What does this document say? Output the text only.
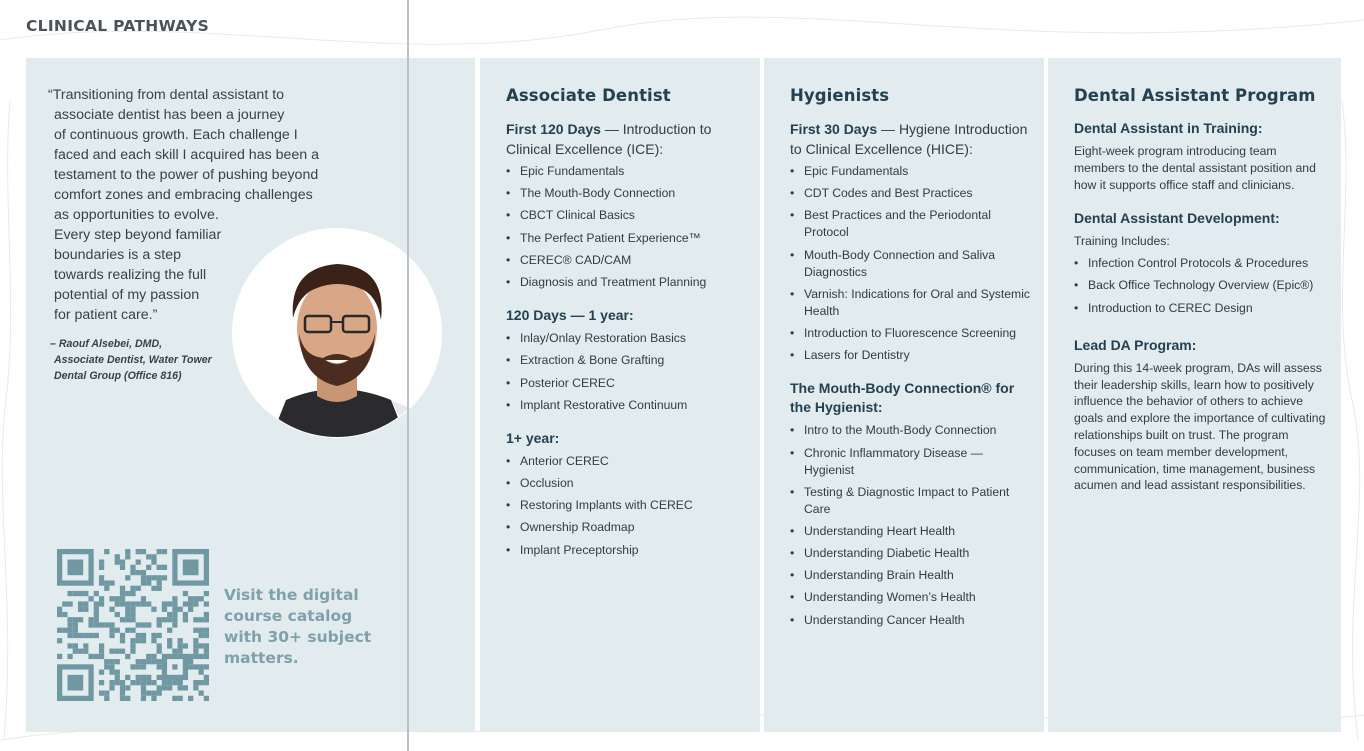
CLINICAL PATHWAYS
“Transitioning from dental assistant to
associate dentist has been a journey
of continuous growth. Each challenge I
faced and each skill I acquired has been a
testament to the power of pushing beyond
comfort zones and embracing challenges
as opportunities to evolve.
Every step beyond familiar
boundaries is a step
towards realizing the full
potential of my passion
for patient care.”
– Raouf Alsebei, DMD,
Associate Dentist, Water Tower
Dental Group (Office 816)
Visit the digital course catalog with 30+ subject matters.
Associate Dentist
First 120 Days — Introduction to Clinical Excellence (ICE):
• Epic Fundamentals
• The Mouth-Body Connection
• CBCT Clinical Basics
• The Perfect Patient Experience™
• CEREC® CAD/CAM
• Diagnosis and Treatment Planning
120 Days — 1 year:
• Inlay/Onlay Restoration Basics
• Extraction & Bone Grafting
• Posterior CEREC
• Implant Restorative Continuum
1+ year:
• Anterior CEREC
• Occlusion
• Restoring Implants with CEREC
• Ownership Roadmap
• Implant Preceptorship
Hygienists
First 30 Days — Hygiene Introduction to Clinical Excellence (HICE):
• Epic Fundamentals
• CDT Codes and Best Practices
• Best Practices and the Periodontal Protocol
• Mouth-Body Connection and Saliva Diagnostics
• Varnish: Indications for Oral and Systemic Health
• Introduction to Fluorescence Screening
• Lasers for Dentistry
The Mouth-Body Connection® for the Hygienist:
• Intro to the Mouth-Body Connection
• Chronic Inflammatory Disease — Hygienist
• Testing & Diagnostic Impact to Patient Care
• Understanding Heart Health
• Understanding Diabetic Health
• Understanding Brain Health
• Understanding Women’s Health
• Understanding Cancer Health
Dental Assistant Program
Dental Assistant in Training:
Eight-week program introducing team members to the dental assistant position and how it supports office staff and clinicians.
Dental Assistant Development:
Training Includes:
• Infection Control Protocols & Procedures
• Back Office Technology Overview (Epic®)
• Introduction to CEREC Design
Lead DA Program:
During this 14-week program, DAs will assess their leadership skills, learn how to positively influence the behavior of others to achieve goals and explore the importance of cultivating relationships built on trust. The program focuses on team member development, communication, time management, business acumen and lead assistant responsibilities.
